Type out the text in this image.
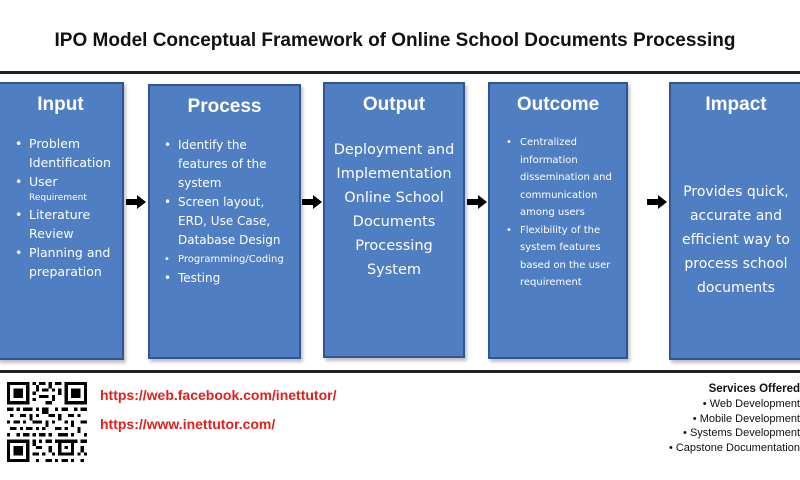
IPO Model Conceptual Framework of Online School Documents Processing
Input
• Problem Identification
• User
Requirement
• Literature Review
• Planning and preparation
Process
• Identify the features of the system
• Screen layout, ERD, Use Case, Database Design
• Programming/Coding
• Testing
Output
Deployment and Implementation Online School Documents Processing System
Outcome
• Centralized information dissemination and communication among users
• Flexibility of the system features based on the user requirement
Impact
Provides quick, accurate and efficient way to process school documents
https://web.facebook.com/inettutor/
https://www.inettutor.com/
Services Offered
• Web Development
• Mobile Development
• Systems Development
• Capstone Documentation
